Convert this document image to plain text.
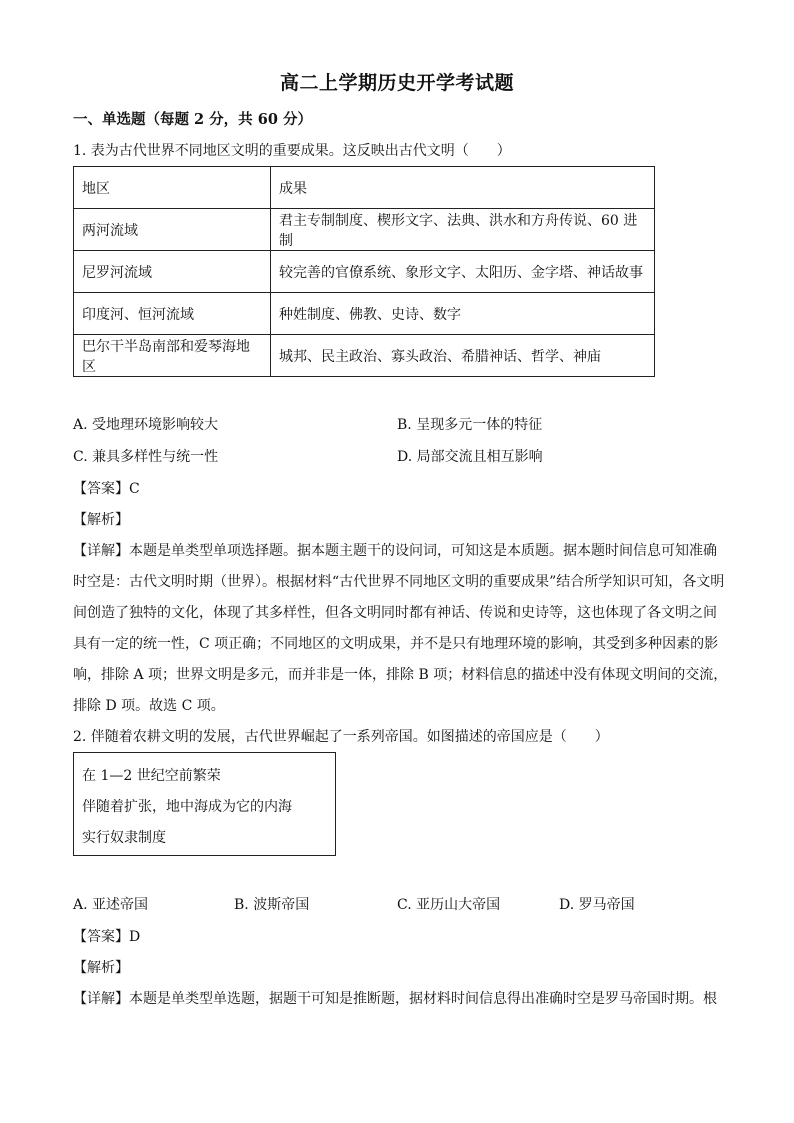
高二上学期历史开学考试题
一、单选题（每题 2 分，共 60 分）
1. 表为古代世界不同地区文明的重要成果。这反映出古代文明（　　）
地区	成果
两河流域	君主专制制度、楔形文字、法典、洪水和方舟传说、60 进制
尼罗河流域	较完善的官僚系统、象形文字、太阳历、金字塔、神话故事
印度河、恒河流域	种姓制度、佛教、史诗、数字
巴尔干半岛南部和爱琴海地区	城邦、民主政治、寡头政治、希腊神话、哲学、神庙
A. 受地理环境影响较大	B. 呈现多元一体的特征
C. 兼具多样性与统一性	D. 局部交流且相互影响
【答案】C
【解析】
【详解】本题是单类型单项选择题。据本题主题干的设问词，可知这是本质题。据本题时间信息可知准确
时空是：古代文明时期（世界）。根据材料“古代世界不同地区文明的重要成果”结合所学知识可知，各文明
间创造了独特的文化，体现了其多样性，但各文明同时都有神话、传说和史诗等，这也体现了各文明之间
具有一定的统一性，C 项正确；不同地区的文明成果，并不是只有地理环境的影响，其受到多种因素的影
响，排除 A 项；世界文明是多元，而并非是一体，排除 B 项；材料信息的描述中没有体现文明间的交流，
排除 D 项。故选 C 项。
2. 伴随着农耕文明的发展，古代世界崛起了一系列帝国。如图描述的帝国应是（　　）
在 1—2 世纪空前繁荣
伴随着扩张，地中海成为它的内海
实行奴隶制度
A. 亚述帝国	B. 波斯帝国	C. 亚历山大帝国	D. 罗马帝国
【答案】D
【解析】
【详解】本题是单类型单选题，据题干可知是推断题，据材料时间信息得出准确时空是罗马帝国时期。根
